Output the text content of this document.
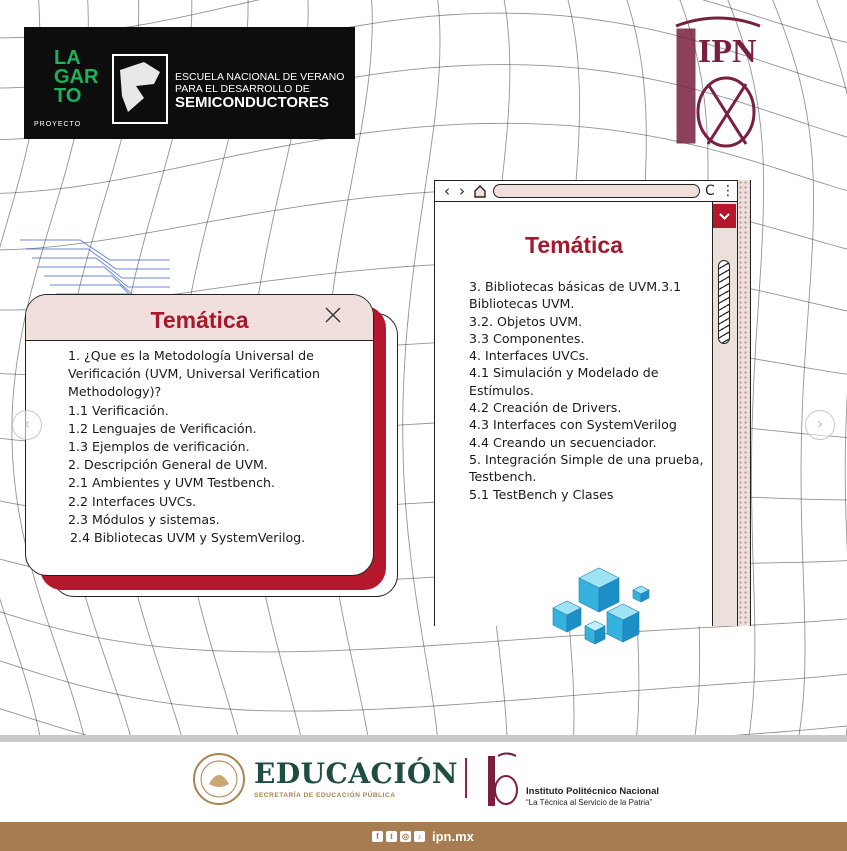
LA
GAR
TO
PROYECTO
ESCUELA NACIONAL DE VERANO
PARA EL DESARROLLO DE
SEMICONDUCTORES
IPN
Temática
1. ¿Que es la Metodología Universal de
Verificación (UVM, Universal Verification
Methodology)?
1.1 Verificación.
1.2 Lenguajes de Verificación.
1.3 Ejemplos de verificación.
2. Descripción General de UVM.
2.1 Ambientes y UVM Testbench.
2.2 Interfaces UVCs.
2.3 Módulos y sistemas.
2.4 Bibliotecas UVM y SystemVerilog.
‹ ›	C ⋮
Temática
3. Bibliotecas básicas de UVM.3.1
Bibliotecas UVM.
3.2. Objetos UVM.
3.3 Componentes.
4. Interfaces UVCs.
4.1 Simulación y Modelado de
Estímulos.
4.2 Creación de Drivers.
4.3 Interfaces con SystemVerilog
4.4 Creando un secuenciador.
5. Integración Simple de una prueba,
Testbench.
5.1 TestBench y Clases
‹	›
EDUCACIÓN
SECRETARÍA DE EDUCACIÓN PÚBLICA	Instituto Politécnico Nacional
“La Técnica al Servicio de la Patria”
f	t	◎	♪ ipn.mx
